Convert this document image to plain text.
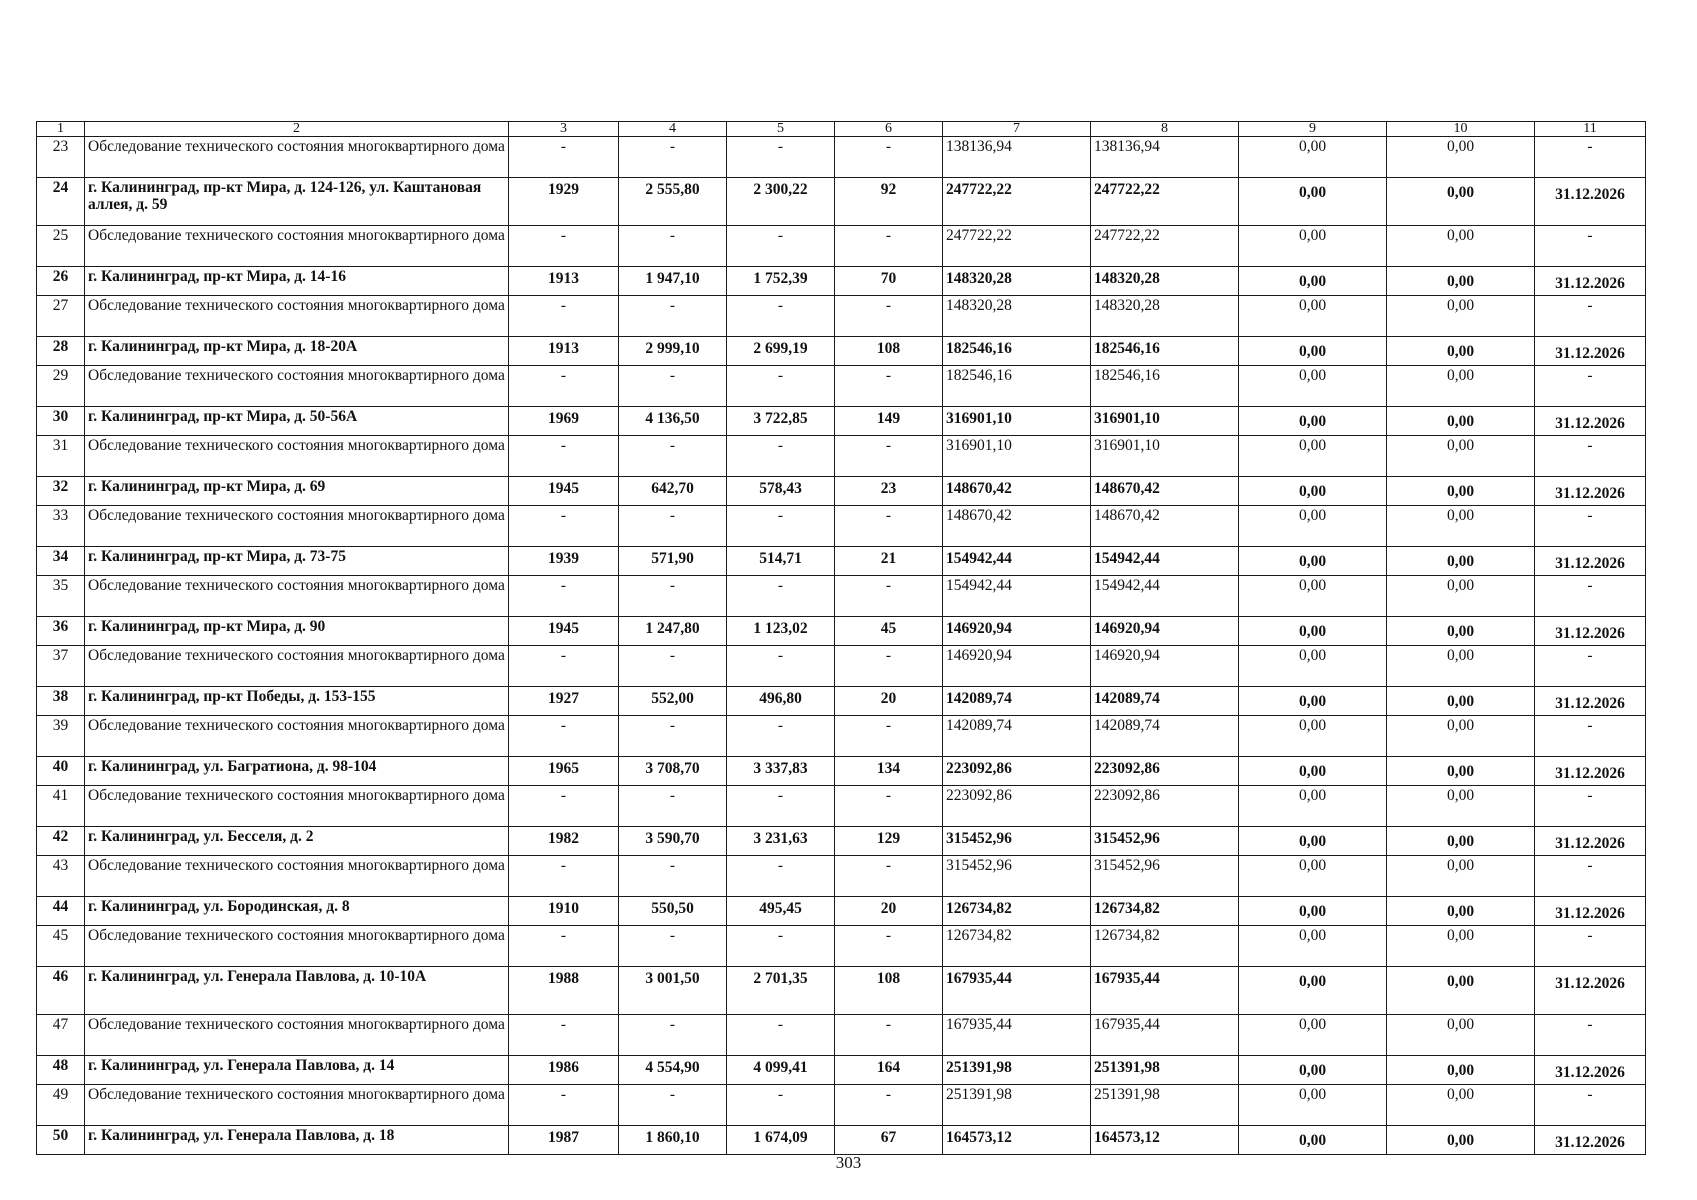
1	2	3	4	5	6	7	8	9	10	11
23	Обследование технического состояния многоквартирного дома	-	-	-	-	138136,94	138136,94	0,00	0,00	-
24	г. Калининград, пр-кт Мира, д. 124-126, ул. Каштановая аллея, д. 59	1929	2 555,80	2 300,22	92	247722,22	247722,22	0,00	0,00	31.12.2026
25	Обследование технического состояния многоквартирного дома	-	-	-	-	247722,22	247722,22	0,00	0,00	-
26	г. Калининград, пр-кт Мира, д. 14-16	1913	1 947,10	1 752,39	70	148320,28	148320,28	0,00	0,00	31.12.2026
27	Обследование технического состояния многоквартирного дома	-	-	-	-	148320,28	148320,28	0,00	0,00	-
28	г. Калининград, пр-кт Мира, д. 18-20А	1913	2 999,10	2 699,19	108	182546,16	182546,16	0,00	0,00	31.12.2026
29	Обследование технического состояния многоквартирного дома	-	-	-	-	182546,16	182546,16	0,00	0,00	-
30	г. Калининград, пр-кт Мира, д. 50-56А	1969	4 136,50	3 722,85	149	316901,10	316901,10	0,00	0,00	31.12.2026
31	Обследование технического состояния многоквартирного дома	-	-	-	-	316901,10	316901,10	0,00	0,00	-
32	г. Калининград, пр-кт Мира, д. 69	1945	642,70	578,43	23	148670,42	148670,42	0,00	0,00	31.12.2026
33	Обследование технического состояния многоквартирного дома	-	-	-	-	148670,42	148670,42	0,00	0,00	-
34	г. Калининград, пр-кт Мира, д. 73-75	1939	571,90	514,71	21	154942,44	154942,44	0,00	0,00	31.12.2026
35	Обследование технического состояния многоквартирного дома	-	-	-	-	154942,44	154942,44	0,00	0,00	-
36	г. Калининград, пр-кт Мира, д. 90	1945	1 247,80	1 123,02	45	146920,94	146920,94	0,00	0,00	31.12.2026
37	Обследование технического состояния многоквартирного дома	-	-	-	-	146920,94	146920,94	0,00	0,00	-
38	г. Калининград, пр-кт Победы, д. 153-155	1927	552,00	496,80	20	142089,74	142089,74	0,00	0,00	31.12.2026
39	Обследование технического состояния многоквартирного дома	-	-	-	-	142089,74	142089,74	0,00	0,00	-
40	г. Калининград, ул. Багратиона, д. 98-104	1965	3 708,70	3 337,83	134	223092,86	223092,86	0,00	0,00	31.12.2026
41	Обследование технического состояния многоквартирного дома	-	-	-	-	223092,86	223092,86	0,00	0,00	-
42	г. Калининград, ул. Бесселя, д. 2	1982	3 590,70	3 231,63	129	315452,96	315452,96	0,00	0,00	31.12.2026
43	Обследование технического состояния многоквартирного дома	-	-	-	-	315452,96	315452,96	0,00	0,00	-
44	г. Калининград, ул. Бородинская, д. 8	1910	550,50	495,45	20	126734,82	126734,82	0,00	0,00	31.12.2026
45	Обследование технического состояния многоквартирного дома	-	-	-	-	126734,82	126734,82	0,00	0,00	-
46	г. Калининград, ул. Генерала Павлова, д. 10-10А	1988	3 001,50	2 701,35	108	167935,44	167935,44	0,00	0,00	31.12.2026
47	Обследование технического состояния многоквартирного дома	-	-	-	-	167935,44	167935,44	0,00	0,00	-
48	г. Калининград, ул. Генерала Павлова, д. 14	1986	4 554,90	4 099,41	164	251391,98	251391,98	0,00	0,00	31.12.2026
49	Обследование технического состояния многоквартирного дома	-	-	-	-	251391,98	251391,98	0,00	0,00	-
50	г. Калининград, ул. Генерала Павлова, д. 18	1987	1 860,10	1 674,09	67	164573,12	164573,12	0,00	0,00	31.12.2026
303
